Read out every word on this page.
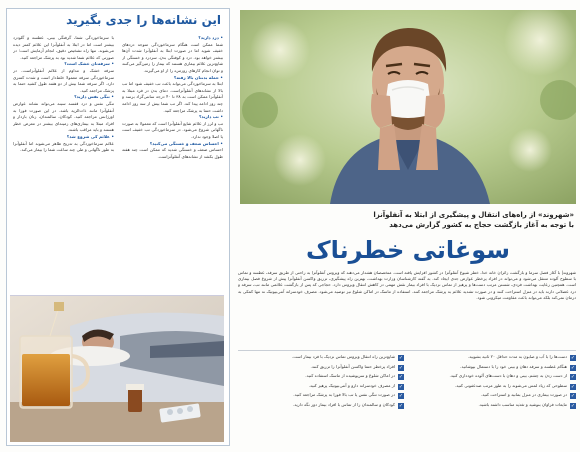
این نشانه‌ها را جدی بگیرید
• درد دارید؟
شما ممکن است هنگام سرماخوردگی متوجه دردهای خفیف شوید اما در صورت ابتلا به آنفلوآنزا شدت آن‌ها بیشتر خواهد بود. درد و کوفتگی بدن، سردرد و خستگی از شایع‌ترین علائم بیماری هستند که بیمار را زمین‌گیر می‌کنند و توان انجام کارهای روزمره را از او می‌گیرند.
• حمله بدنتان بالا رفته؟
ابتلا به سرماخوردگی می‌تواند باعث تب خفیف شود اما تب بالا از نشانه‌های آنفلوآنزاست. دمای بدن در فرد مبتلا به آنفلوآنزا ممکن است به ۳۸ تا ۴۰ درجه سانتی‌گراد برسد و چند روز ادامه پیدا کند. اگر تب شما بیش از سه روز ادامه داشت حتما به پزشک مراجعه کنید.
• تب دارید؟
تب و لرز از علائم شایع آنفلوآنزا است که معمولا به صورت ناگهانی شروع می‌شود. در سرماخوردگی تب خفیف است یا اصلا وجود ندارد.
• احساس ضعف و خستگی می‌کنید؟
احساس ضعف و خستگی شدید که ممکن است چند هفته طول بکشد از نشانه‌های آنفلوآنزاست.
با سرماخوردگی شما، گرفتگی بینی، عطسه و گلودرد بیشتر است اما در ابتلا به آنفلوآنزا این علائم کمتر دیده می‌شوند. تنها راه تشخیص دقیق، انجام آزمایش است؛ در صورتی که علائم شما شدید بود به پزشک مراجعه کنید.
• سرفه‌تان خشک است؟
سرفه خشک و مداوم از علائم آنفلوآنزاست. در سرماخوردگی سرفه معمولا خلط‌دار است و شدت کمتری دارد. اگر سرفه شما بیش از دو هفته طول کشید حتما به پزشک مراجعه کنید.
• تنگی نفس دارید؟
تنگی نفس و درد قفسه سینه می‌تواند نشانه عوارض آنفلوآنزا مانند ذات‌الریه باشد. در این صورت فورا به اورژانس مراجعه کنید. کودکان، سالمندان، زنان باردار و افراد مبتلا به بیماری‌های زمینه‌ای بیشتر در معرض خطر هستند و باید مراقب باشند.
• علائم کی شروع شد؟
علائم سرماخوردگی به تدریج ظاهر می‌شوند اما آنفلوآنزا به طور ناگهانی و طی چند ساعت شما را بیمار می‌کند.
«شهروند» از راه‌های انتقال و پیشگیری از ابتلا به آنفلوآنزا
با توجه به آغاز بازگشت حجاج به کشور گزارش می‌دهد
سوغاتی خطرناک
شهروند| با آغاز فصل سرما و بازگشت زائران خانه خدا، خطر شیوع آنفلوآنزا در کشور افزایش یافته است. متخصصان هشدار می‌دهند که ویروس آنفلوآنزا به راحتی از طریق سرفه، عطسه و تماس با سطوح آلوده منتقل می‌شود و می‌تواند در افراد پرخطر عوارض جدی ایجاد کند. به گفته کارشناسان وزارت بهداشت، بهترین راه پیشگیری، تزریق واکسن آنفلوآنزا پیش از شروع فصل بیماری است. همچنین رعایت بهداشت فردی، شستن مرتب دست‌ها و پرهیز از تماس نزدیک با افراد بیمار نقش مهمی در کاهش انتقال ویروس دارد. حجاجی که پس از بازگشت علائمی مانند تب، سرفه و درد عضلانی دارند باید در منزل استراحت کنند و در صورت تشدید علائم به پزشک مراجعه کنند. استفاده از ماسک در اماکن شلوغ نیز توصیه می‌شود. مصرف خودسرانه آنتی‌بیوتیک نه تنها کمکی به درمان نمی‌کند بلکه می‌تواند باعث مقاومت میکروبی شود.
✓
دست‌ها را با آب و صابون به مدت حداقل ۲۰ ثانیه بشویید.
✓
هنگام عطسه و سرفه دهان و بینی خود را با دستمال بپوشانید.
✓
از دست زدن به چشم، بینی و دهان با دست‌های آلوده خودداری کنید.
✓
سطوحی که زیاد لمس می‌شوند را به طور مرتب ضدعفونی کنید.
✓
در صورت بیماری در منزل بمانید و استراحت کنید.
✓
مایعات فراوان بنوشید و تغذیه مناسب داشته باشید.
✓
شایع‌ترین راه انتقال ویروس تماس نزدیک با فرد بیمار است.
✓
افراد پرخطر حتما واکسن آنفلوآنزا را تزریق کنند.
✓
در اماکن شلوغ و سرپوشیده از ماسک استفاده کنید.
✓
از مصرف خودسرانه دارو و آنتی‌بیوتیک پرهیز کنید.
✓
در صورت تنگی نفس یا تب بالا فورا به پزشک مراجعه کنید.
✓
کودکان و سالمندان را از تماس با افراد بیمار دور نگه دارید.
